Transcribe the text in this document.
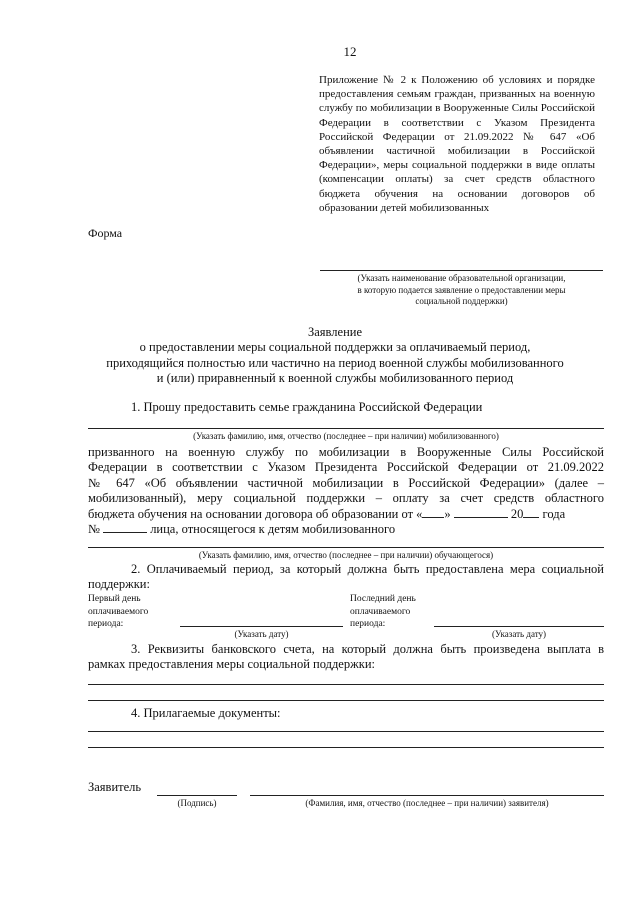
12
Приложение № 2 к Положению об условиях и порядке предоставления семьям граждан, призванных на военную службу по мобилизации в Вооруженные Силы Российской Федерации в соответствии с Указом Президента Российской Федерации от 21.09.2022 № 647 «Об объявлении частичной мобилизации в Российской Федерации», меры социальной поддержки в виде оплаты (компенсации оплаты) за счет средств областного бюджета обучения на основании договоров об образовании детей мобилизованных
Форма
(Указать наименование образовательной организации,
в которую подается заявление о предоставлении меры
социальной поддержки)
Заявление
о предоставлении меры социальной поддержки за оплачиваемый период,
приходящийся полностью или частично на период военной службы мобилизованного
и (или) приравненный к военной службы мобилизованного период
1. Прошу предоставить семье гражданина Российской Федерации
(Указать фамилию, имя, отчество (последнее – при наличии) мобилизованного)
призванного на военную службу по мобилизации в Вооруженные Силы Российской
Федерации в соответствии с Указом Президента Российской Федерации от 21.09.2022
№ 647 «Об объявлении частичной мобилизации в Российской Федерации» (далее –
мобилизованный), меру социальной поддержки – оплату за счет средств областного
бюджета обучения на основании договора об образовании от « »	20 года
№	лица, относящегося к детям мобилизованного
(Указать фамилию, имя, отчество (последнее – при наличии) обучающегося)
2. Оплачиваемый период, за который должна быть предоставлена мера социальной
поддержки:
Первый день
оплачиваемого
периода:
(Указать дату)
Последний день
оплачиваемого
периода:
(Указать дату)
3. Реквизиты банковского счета, на который должна быть произведена выплата в
рамках предоставления меры социальной поддержки:
4. Прилагаемые документы:
Заявитель
(Подпись)	(Фамилия, имя, отчество (последнее – при наличии) заявителя)
